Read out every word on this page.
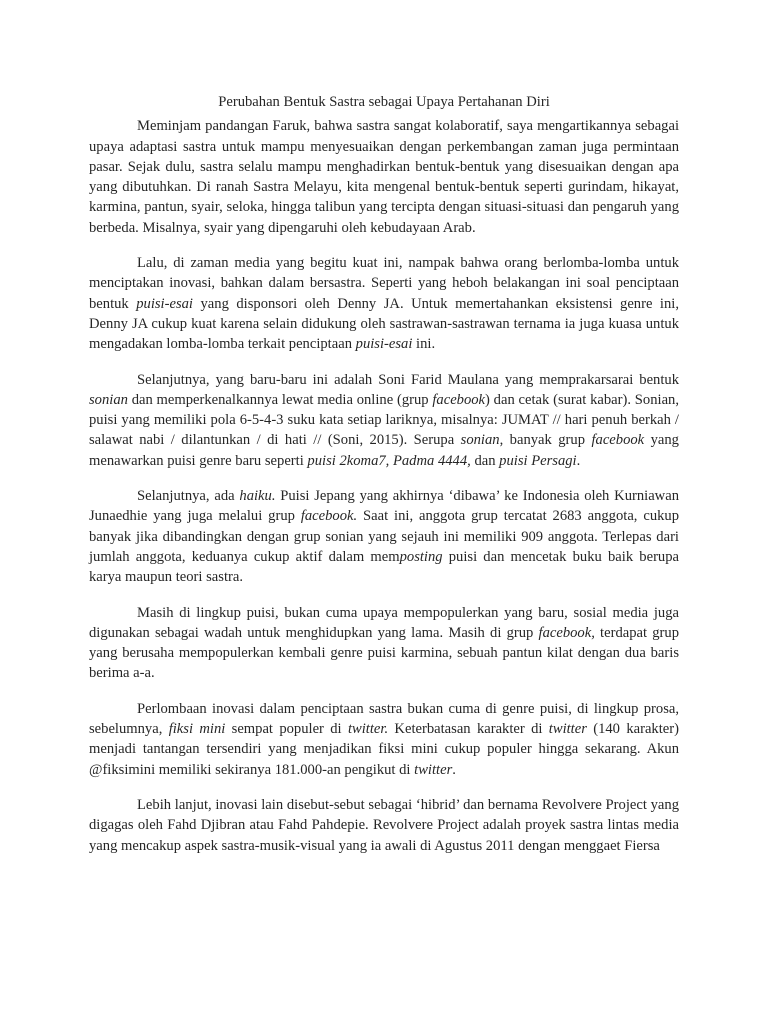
Perubahan Bentuk Sastra sebagai Upaya Pertahanan Diri

Meminjam pandangan Faruk, bahwa sastra sangat kolaboratif, saya mengartikannya sebagai upaya adaptasi sastra untuk mampu menyesuaikan dengan perkembangan zaman juga permintaan pasar. Sejak dulu, sastra selalu mampu menghadirkan bentuk-bentuk yang disesuaikan dengan apa yang dibutuhkan. Di ranah Sastra Melayu, kita mengenal bentuk-bentuk seperti gurindam, hikayat, karmina, pantun, syair, seloka, hingga talibun yang tercipta dengan situasi-situasi dan pengaruh yang berbeda. Misalnya, syair yang dipengaruhi oleh kebudayaan Arab.

Lalu, di zaman media yang begitu kuat ini, nampak bahwa orang berlomba-lomba untuk menciptakan inovasi, bahkan dalam bersastra. Seperti yang heboh belakangan ini soal penciptaan bentuk puisi-esai yang disponsori oleh Denny JA. Untuk memertahankan eksistensi genre ini, Denny JA cukup kuat karena selain didukung oleh sastrawan-sastrawan ternama ia juga kuasa untuk mengadakan lomba-lomba terkait penciptaan puisi-esai ini.

Selanjutnya, yang baru-baru ini adalah Soni Farid Maulana yang memprakarsarai bentuk sonian dan memperkenalkannya lewat media online (grup facebook) dan cetak (surat kabar). Sonian, puisi yang memiliki pola 6-5-4-3 suku kata setiap lariknya, misalnya: JUMAT // hari penuh berkah / salawat nabi / dilantunkan / di hati // (Soni, 2015). Serupa sonian, banyak grup facebook yang menawarkan puisi genre baru seperti puisi 2koma7, Padma 4444, dan puisi Persagi.

Selanjutnya, ada haiku. Puisi Jepang yang akhirnya ‘dibawa’ ke Indonesia oleh Kurniawan Junaedhie yang juga melalui grup facebook. Saat ini, anggota grup tercatat 2683 anggota, cukup banyak jika dibandingkan dengan grup sonian yang sejauh ini memiliki 909 anggota. Terlepas dari jumlah anggota, keduanya cukup aktif dalam memposting puisi dan mencetak buku baik berupa karya maupun teori sastra.

Masih di lingkup puisi, bukan cuma upaya mempopulerkan yang baru, sosial media juga digunakan sebagai wadah untuk menghidupkan yang lama. Masih di grup facebook, terdapat grup yang berusaha mempopulerkan kembali genre puisi karmina, sebuah pantun kilat dengan dua baris berima a-a.

Perlombaan inovasi dalam penciptaan sastra bukan cuma di genre puisi, di lingkup prosa, sebelumnya, fiksi mini sempat populer di twitter. Keterbatasan karakter di twitter (140 karakter) menjadi tantangan tersendiri yang menjadikan fiksi mini cukup populer hingga sekarang. Akun @fiksimini memiliki sekiranya 181.000-an pengikut di twitter.

Lebih lanjut, inovasi lain disebut-sebut sebagai ‘hibrid’ dan bernama Revolvere Project yang digagas oleh Fahd Djibran atau Fahd Pahdepie. Revolvere Project adalah proyek sastra lintas media yang mencakup aspek sastra-musik-visual yang ia awali di Agustus 2011 dengan menggaet Fiersa
